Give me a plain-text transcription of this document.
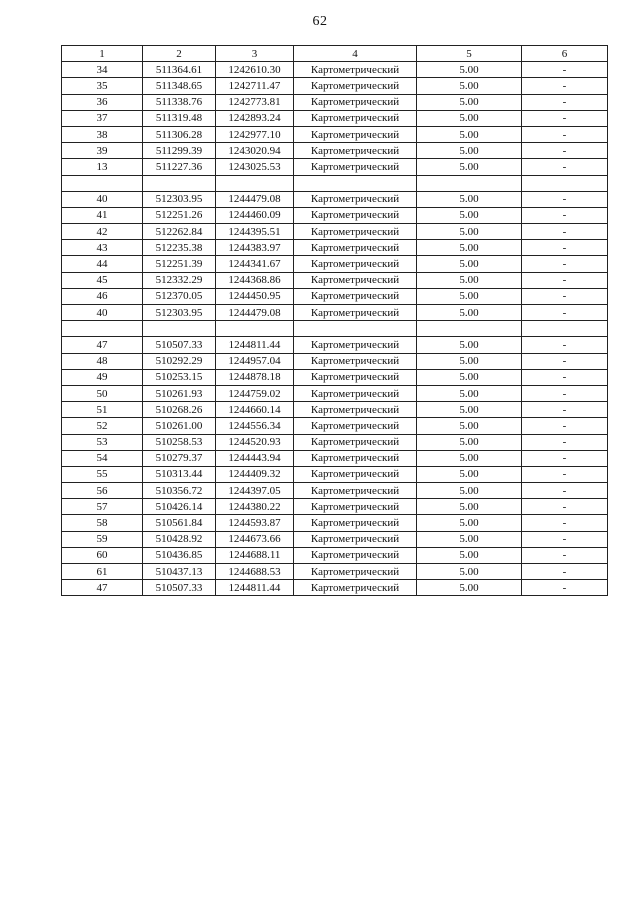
62
1	2	3	4	5	6
34	511364.61	1242610.30	Картометрический	5.00	-
35	511348.65	1242711.47	Картометрический	5.00	-
36	511338.76	1242773.81	Картометрический	5.00	-
37	511319.48	1242893.24	Картометрический	5.00	-
38	511306.28	1242977.10	Картометрический	5.00	-
39	511299.39	1243020.94	Картометрический	5.00	-
13	511227.36	1243025.53	Картометрический	5.00	-

40	512303.95	1244479.08	Картометрический	5.00	-
41	512251.26	1244460.09	Картометрический	5.00	-
42	512262.84	1244395.51	Картометрический	5.00	-
43	512235.38	1244383.97	Картометрический	5.00	-
44	512251.39	1244341.67	Картометрический	5.00	-
45	512332.29	1244368.86	Картометрический	5.00	-
46	512370.05	1244450.95	Картометрический	5.00	-
40	512303.95	1244479.08	Картометрический	5.00	-

47	510507.33	1244811.44	Картометрический	5.00	-
48	510292.29	1244957.04	Картометрический	5.00	-
49	510253.15	1244878.18	Картометрический	5.00	-
50	510261.93	1244759.02	Картометрический	5.00	-
51	510268.26	1244660.14	Картометрический	5.00	-
52	510261.00	1244556.34	Картометрический	5.00	-
53	510258.53	1244520.93	Картометрический	5.00	-
54	510279.37	1244443.94	Картометрический	5.00	-
55	510313.44	1244409.32	Картометрический	5.00	-
56	510356.72	1244397.05	Картометрический	5.00	-
57	510426.14	1244380.22	Картометрический	5.00	-
58	510561.84	1244593.87	Картометрический	5.00	-
59	510428.92	1244673.66	Картометрический	5.00	-
60	510436.85	1244688.11	Картометрический	5.00	-
61	510437.13	1244688.53	Картометрический	5.00	-
47	510507.33	1244811.44	Картометрический	5.00	-
